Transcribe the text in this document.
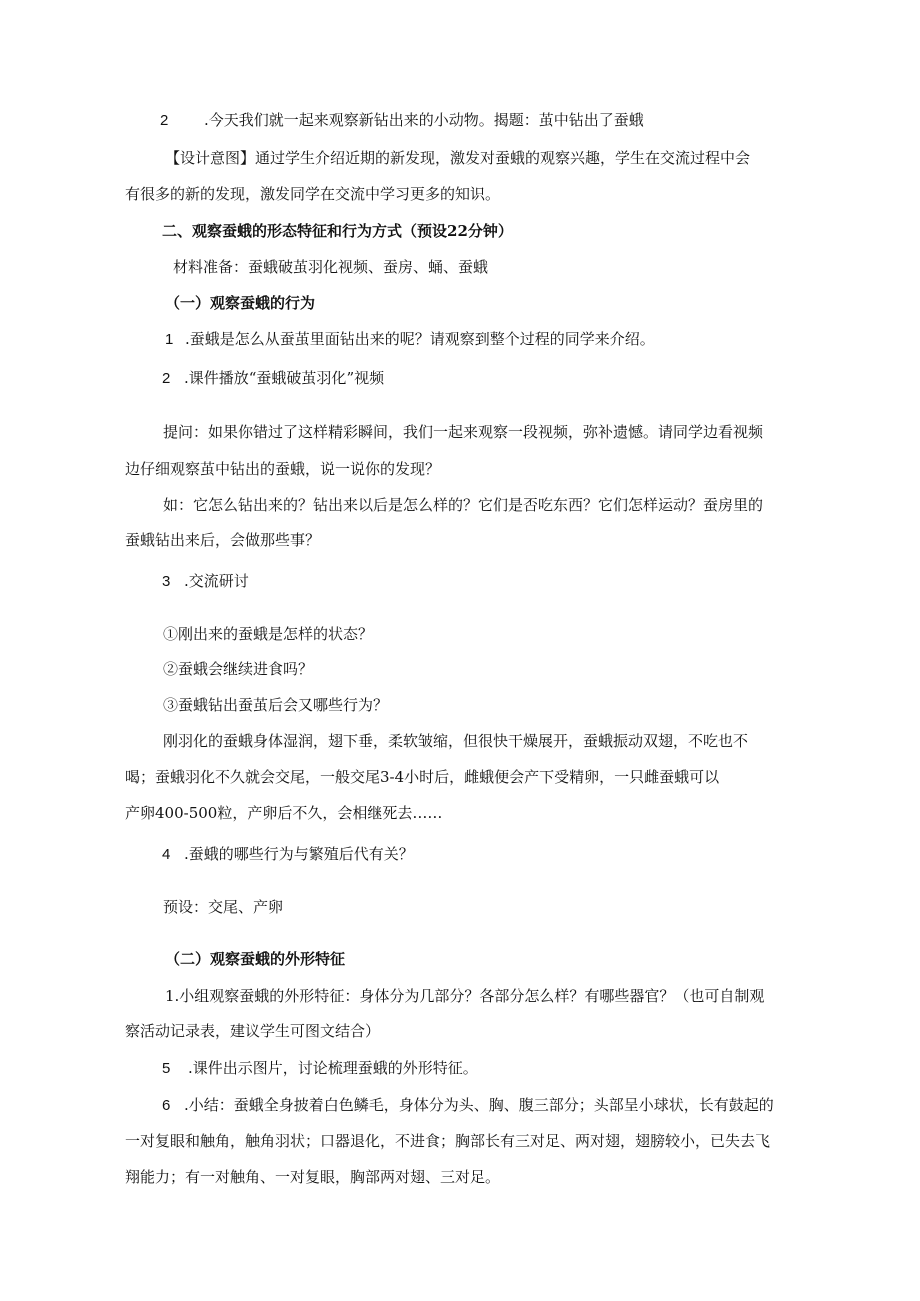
2 .今天我们就一起来观察新钻出来的小动物。揭题：茧中钻出了蚕蛾

【设计意图】通过学生介绍近期的新发现，激发对蚕蛾的观察兴趣，学生在交流过程中会

有很多的新的发现，激发同学在交流中学习更多的知识。

二、观察蚕蛾的形态特征和行为方式（预设22分钟）

材料准备：蚕蛾破茧羽化视频、蚕房、蛹、蚕蛾

（一）观察蚕蛾的行为

1 .蚕蛾是怎么从蚕茧里面钻出来的呢？请观察到整个过程的同学来介绍。

2 .课件播放“蚕蛾破茧羽化”视频

提问：如果你错过了这样精彩瞬间，我们一起来观察一段视频，弥补遗憾。请同学边看视频

边仔细观察茧中钻出的蚕蛾，说一说你的发现？

如：它怎么钻出来的？钻出来以后是怎么样的？它们是否吃东西？它们怎样运动？蚕房里的

蚕蛾钻出来后，会做那些事？

3 .交流研讨

①刚出来的蚕蛾是怎样的状态？

②蚕蛾会继续进食吗？

③蚕蛾钻出蚕茧后会又哪些行为？

刚羽化的蚕蛾身体湿润，翅下垂，柔软皱缩，但很快干燥展开，蚕蛾振动双翅，不吃也不

喝；蚕蛾羽化不久就会交尾，一般交尾3-4小时后，雌蛾便会产下受精卵，一只雌蚕蛾可以

产卵400-500粒，产卵后不久，会相继死去……

4 .蚕蛾的哪些行为与繁殖后代有关？

预设：交尾、产卵

（二）观察蚕蛾的外形特征

1.小组观察蚕蛾的外形特征：身体分为几部分？各部分怎么样？有哪些器官？（也可自制观

察活动记录表，建议学生可图文结合）

5 .课件出示图片，讨论梳理蚕蛾的外形特征。

6 .小结：蚕蛾全身披着白色鳞毛，身体分为头、胸、腹三部分；头部呈小球状，长有鼓起的

一对复眼和触角，触角羽状；口器退化，不进食；胸部长有三对足、两对翅，翅膀较小，已失去飞

翔能力；有一对触角、一对复眼，胸部两对翅、三对足。
